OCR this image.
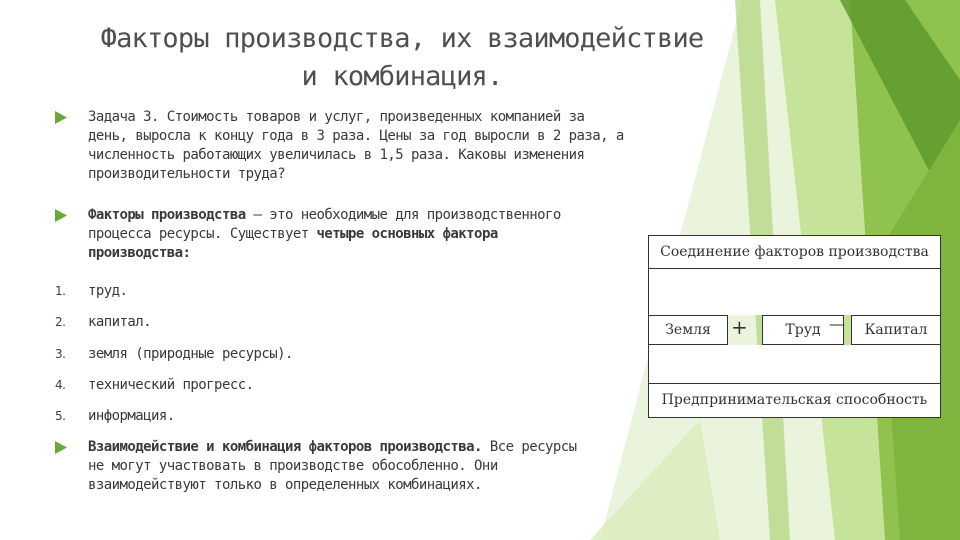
Факторы производства, их взаимодействие
и комбинация.
Задача 3. Стоимость товаров и услуг, произведенных компанией за
день, выросла к концу года в 3 раза. Цены за год выросли в 2 раза, а
численность работающих увеличилась в 1,5 раза. Каковы изменения
производительности труда?
Факторы производства – это необходимые для производственного
процесса ресурсы. Существует четыре основных фактора
производства:
1.	труд.
2.	капитал.
3.	земля (природные ресурсы).
4.	технический прогресс.
5.	информация.
Взаимодействие и комбинация факторов производства. Все ресурсы
не могут участвовать в производстве обособленно. Они
взаимодействуют только в определенных комбинациях.
Соединение факторов производства
Земля	+	Труд —	Капитал
Предпринимательская способность
